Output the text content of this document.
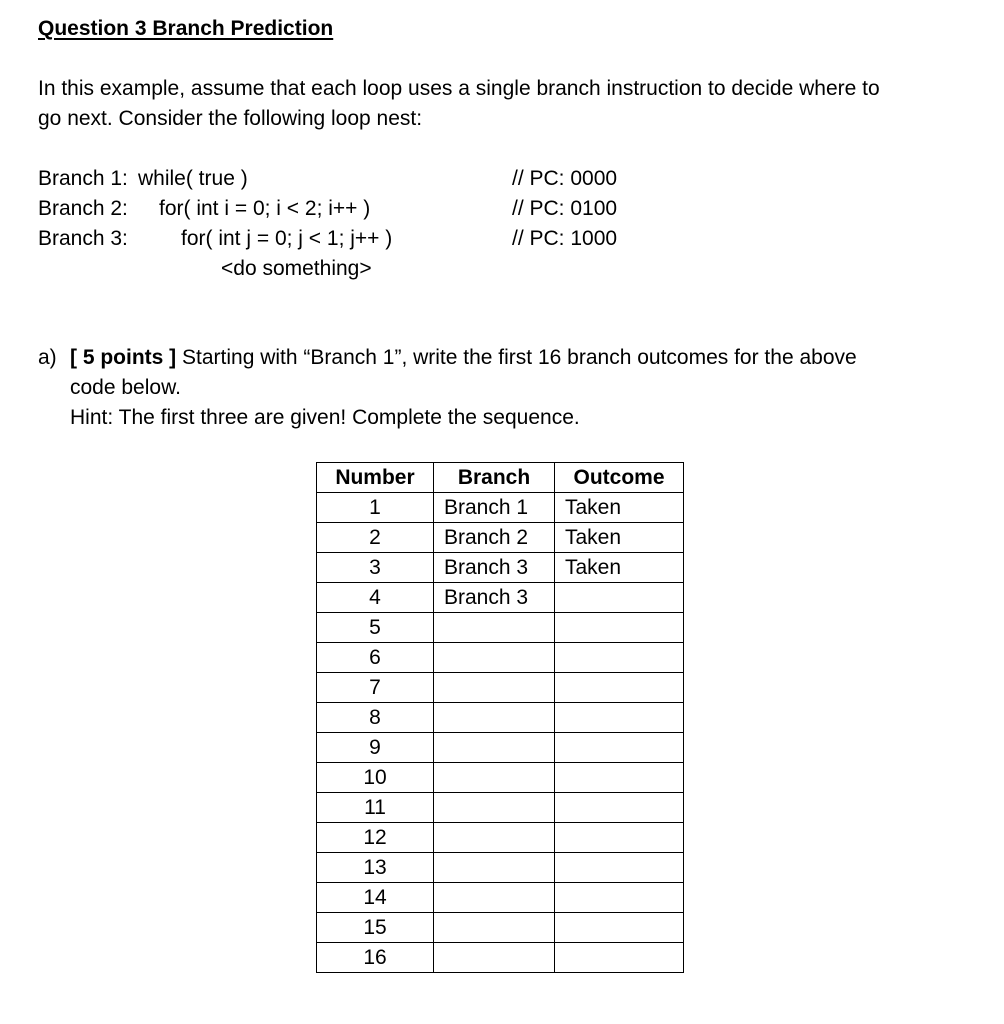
Question 3 Branch Prediction
In this example, assume that each loop uses a single branch instruction to decide where to
go next. Consider the following loop nest:
Branch 1: while( true )	// PC: 0000
Branch 2: for( int i = 0; i < 2; i++ )	// PC: 0100
Branch 3:	for( int j = 0; j < 1; j++ )	// PC: 1000
<do something>
a) [ 5 points ] Starting with “Branch 1”, write the first 16 branch outcomes for the above
code below.
Hint: The first three are given! Complete the sequence.
Number	Branch	Outcome
1	Branch 1	Taken
2	Branch 2	Taken
3	Branch 3	Taken
4	Branch 3	
5		
6		
7		
8		
9		
10		
11		
12		
13		
14		
15		
16		
